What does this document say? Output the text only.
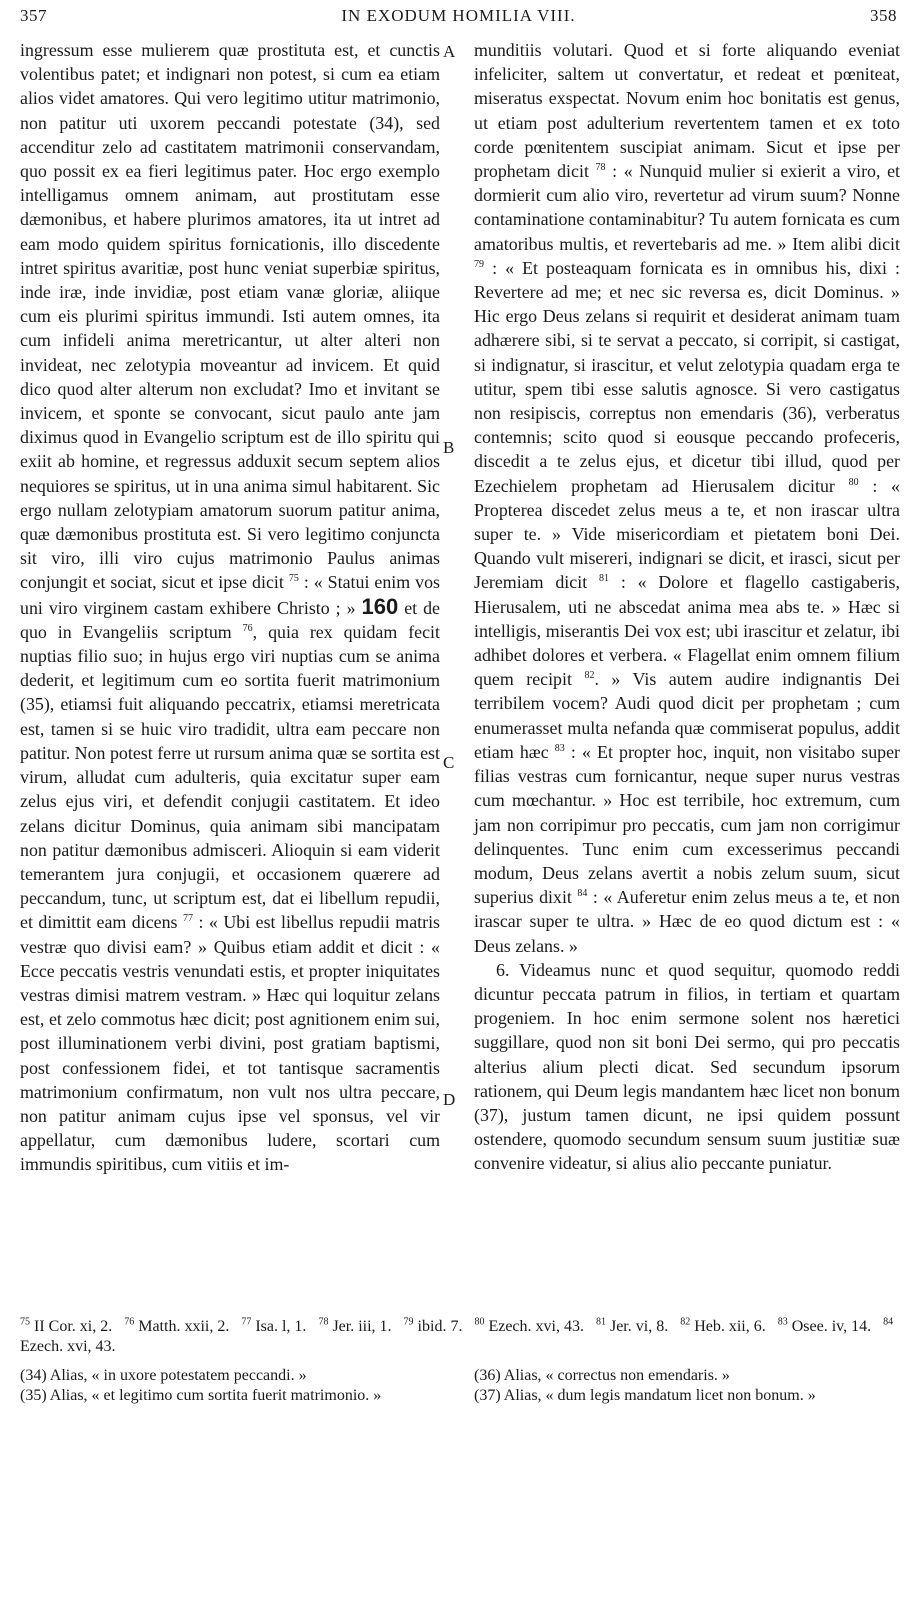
357	IN EXODUM HOMILIA VIII.	358

ingressum esse mulierem quæ prostituta est, et cunctis volentibus patet; et indignari non potest, si cum ea etiam alios videt amatores. Qui vero legitimo utitur matrimonio, non patitur uti uxorem peccandi potestate (34), sed accenditur zelo ad castitatem matrimonii conservandam, quo possit ex ea fieri legitimus pater. Hoc ergo exemplo intelligamus omnem animam, aut prostitutam esse dæmonibus, et habere plurimos amatores, ita ut intret ad eam modo quidem spiritus fornicationis, illo discedente intret spiritus avaritiæ, post hunc veniat superbiæ spiritus, inde iræ, inde invidiæ, post etiam vanæ gloriæ, aliique cum eis plurimi spiritus immundi. Isti autem omnes, ita cum infideli anima meretricantur, ut alter alteri non invideat, nec zelotypia moveantur ad invicem. Et quid dico quod alter alterum non excludat? Imo et invitant se invicem, et sponte se convocant, sicut paulo ante jam diximus quod in Evangelio scriptum est de illo spiritu qui exiit ab homine, et regressus adduxit secum septem alios nequiores se spiritus, ut in una anima simul habitarent. Sic ergo nullam zelotypiam amatorum suorum patitur anima, quæ dæmonibus prostituta est. Si vero legitimo conjuncta sit viro, illi viro cujus matrimonio Paulus animas conjungit et sociat, sicut et ipse dicit $^{75}$ : « Statui enim vos uni viro virginem castam exhibere Christo ; » 160 et de quo in Evangeliis scriptum $^{76}$, quia rex quidam fecit nuptias filio suo; in hujus ergo viri nuptias cum se anima dederit, et legitimum cum eo sortita fuerit matrimonium (35), etiamsi fuit aliquando peccatrix, etiamsi meretricata est, tamen si se huic viro tradidit, ultra eam peccare non patitur. Non potest ferre ut rursum anima quæ se sortita est virum, alludat cum adulteris, quia excitatur super eam zelus ejus viri, et defendit conjugii castitatem. Et ideo zelans dicitur Dominus, quia animam sibi mancipatam non patitur dæmonibus admisceri. Alioquin si eam viderit temerantem jura conjugii, et occasionem quærere ad peccandum, tunc, ut scriptum est, dat ei libellum repudii, et dimittit eam dicens $^{77}$ : « Ubi est libellus repudii matris vestræ quo divisi eam? » Quibus etiam addit et dicit : « Ecce peccatis vestris venundati estis, et propter iniquitates vestras dimisi matrem vestram. » Hæc qui loquitur zelans est, et zelo commotus hæc dicit; post agnitionem enim sui, post illuminationem verbi divini, post gratiam baptismi, post confessionem fidei, et tot tantisque sacramentis matrimonium confirmatum, non vult nos ultra peccare, non patitur animam cujus ipse vel sponsus, vel vir appellatur, cum dæmonibus ludere, scortari cum immundis spiritibus, cum vitiis et im-

A
B
C
D

munditiis volutari. Quod et si forte aliquando eveniat infeliciter, saltem ut convertatur, et redeat et pœniteat, miseratus exspectat. Novum enim hoc bonitatis est genus, ut etiam post adulterium revertentem tamen et ex toto corde pœnitentem suscipiat animam. Sicut et ipse per prophetam dicit $^{78}$ : « Nunquid mulier si exierit a viro, et dormierit cum alio viro, revertetur ad virum suum? Nonne contaminatione contaminabitur? Tu autem fornicata es cum amatoribus multis, et revertebaris ad me. » Item alibi dicit $^{79}$ : « Et posteaquam fornicata es in omnibus his, dixi : Revertere ad me; et nec sic reversa es, dicit Dominus. » Hic ergo Deus zelans si requirit et desiderat animam tuam adhærere sibi, si te servat a peccato, si corripit, si castigat, si indignatur, si irascitur, et velut zelotypia quadam erga te utitur, spem tibi esse salutis agnosce. Si vero castigatus non resipiscis, correptus non emendaris (36), verberatus contemnis; scito quod si eousque peccando profeceris, discedit a te zelus ejus, et dicetur tibi illud, quod per Ezechielem prophetam ad Hierusalem dicitur $^{80}$ : « Propterea discedet zelus meus a te, et non irascar ultra super te. » Vide misericordiam et pietatem boni Dei. Quando vult misereri, indignari se dicit, et irasci, sicut per Jeremiam dicit $^{81}$ : « Dolore et flagello castigaberis, Hierusalem, uti ne abscedat anima mea abs te. » Hæc si intelligis, miserantis Dei vox est; ubi irascitur et zelatur, ibi adhibet dolores et verbera. « Flagellat enim omnem filium quem recipit $^{82}$. » Vis autem audire indignantis Dei terribilem vocem? Audi quod dicit per prophetam ; cum enumerasset multa nefanda quæ commiserat populus, addit etiam hæc $^{83}$ : « Et propter hoc, inquit, non visitabo super filias vestras cum fornicantur, neque super nurus vestras cum mœchantur. » Hoc est terribile, hoc extremum, cum jam non corripimur pro peccatis, cum jam non corrigimur delinquentes. Tunc enim cum excesserimus peccandi modum, Deus zelans avertit a nobis zelum suum, sicut superius dixit $^{84}$ : « Auferetur enim zelus meus a te, et non irascar super te ultra. » Hæc de eo quod dictum est : « Deus zelans. »

6. Videamus nunc et quod sequitur, quomodo reddi dicuntur peccata patrum in filios, in tertiam et quartam progeniem. In hoc enim sermone solent nos hæretici suggillare, quod non sit boni Dei sermo, qui pro peccatis alterius alium plecti dicat. Sed secundum ipsorum rationem, qui Deum legis mandantem hæc licet non bonum (37), justum tamen dicunt, ne ipsi quidem possunt ostendere, quomodo secundum sensum suum justitiæ suæ convenire videatur, si alius alio peccante puniatur.

$^{75}$ II Cor. xi, 2. $^{76}$ Matth. xxii, 2. $^{77}$ Isa. l, 1. $^{78}$ Jer. iii, 1. $^{79}$ ibid. 7. $^{80}$ Ezech. xvi, 43. $^{81}$ Jer. vi, 8. $^{82}$ Heb. xii, 6. $^{83}$ Osee. iv, 14. $^{84}$ Ezech. xvi, 43.

(34) Alias, « in uxore potestatem peccandi. »

(35) Alias, « et legitimo cum sortita fuerit matrimonio. »

(36) Alias, « correctus non emendaris. »

(37) Alias, « dum legis mandatum licet non bonum. »
